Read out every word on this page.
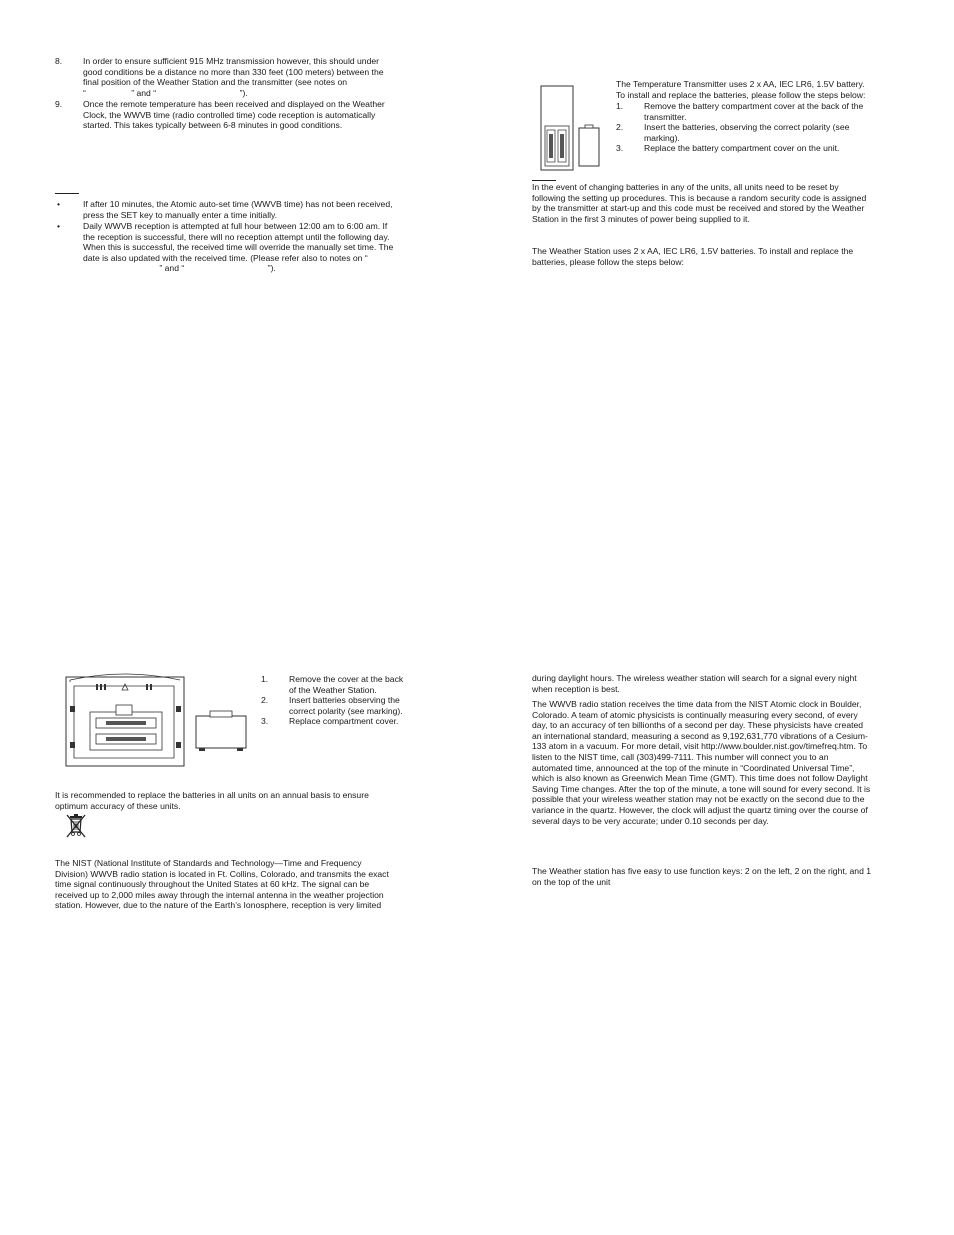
8. In order to ensure sufficient 915 MHz transmission however, this should under

good conditions be a distance no more than 330 feet (100 meters) between the

final position of the Weather Station and the transmitter (see notes on

“                   ” and “                                   ”).

9. Once the remote temperature has been received and displayed on the Weather

Clock, the WWVB time (radio controlled time) code reception is automatically

started. This takes typically between 6-8 minutes in good conditions.

•	If after 10 minutes, the Atomic auto-set time (WWVB time) has not been received,

press the SET key to manually enter a time initially.

•	Daily WWVB reception is attempted at full hour between 12:00 am to 6:00 am. If

the reception is successful, there will no reception attempt until the following day.

When this is successful, the received time will override the manually set time. The

date is also updated with the received time. (Please refer also to notes on “

” and “                                   ”).

1. Remove the cover at the back

of the Weather Station.

2. Insert batteries observing the

correct polarity (see marking).

3. Replace compartment cover.

It is recommended to replace the batteries in all units on an annual basis to ensure

optimum accuracy of these units.

The NIST (National Institute of Standards and Technology—Time and Frequency

Division) WWVB radio station is located in Ft. Collins, Colorado, and transmits the exact

time signal continuously throughout the United States at 60 kHz. The signal can be

received up to 2,000 miles away through the internal antenna in the weather projection

station. However, due to the nature of the Earth’s Ionosphere, reception is very limited

The Temperature Transmitter uses 2 x AA, IEC LR6, 1.5V battery.

To install and replace the batteries, please follow the steps below:

1. Remove the battery compartment cover at the back of the

transmitter.

2. Insert the batteries, observing the correct polarity (see

marking).

3. Replace the battery compartment cover on the unit.

In the event of changing batteries in any of the units, all units need to be reset by

following the setting up procedures. This is because a random security code is assigned

by the transmitter at start-up and this code must be received and stored by the Weather

Station in the first 3 minutes of power being supplied to it.

The Weather Station uses 2 x AA, IEC LR6, 1.5V batteries. To install and replace the

batteries, please follow the steps below:

during daylight hours. The wireless weather station will search for a signal every night

when reception is best.

The WWVB radio station receives the time data from the NIST Atomic clock in Boulder,

Colorado. A team of atomic physicists is continually measuring every second, of every

day, to an accuracy of ten billionths of a second per day. These physicists have created

an international standard, measuring a second as 9,192,631,770 vibrations of a Cesium-

133 atom in a vacuum. For more detail, visit http://www.boulder.nist.gov/timefreq.htm. To

listen to the NIST time, call (303)499-7111. This number will connect you to an

automated time, announced at the top of the minute in “Coordinated Universal Time”,

which is also known as Greenwich Mean Time (GMT). This time does not follow Daylight

Saving Time changes. After the top of the minute, a tone will sound for every second. It is

possible that your wireless weather station may not be exactly on the second due to the

variance in the quartz. However, the clock will adjust the quartz timing over the course of

several days to be very accurate; under 0.10 seconds per day.

The Weather station has five easy to use function keys: 2 on the left, 2 on the right, and 1

on the top of the unit
